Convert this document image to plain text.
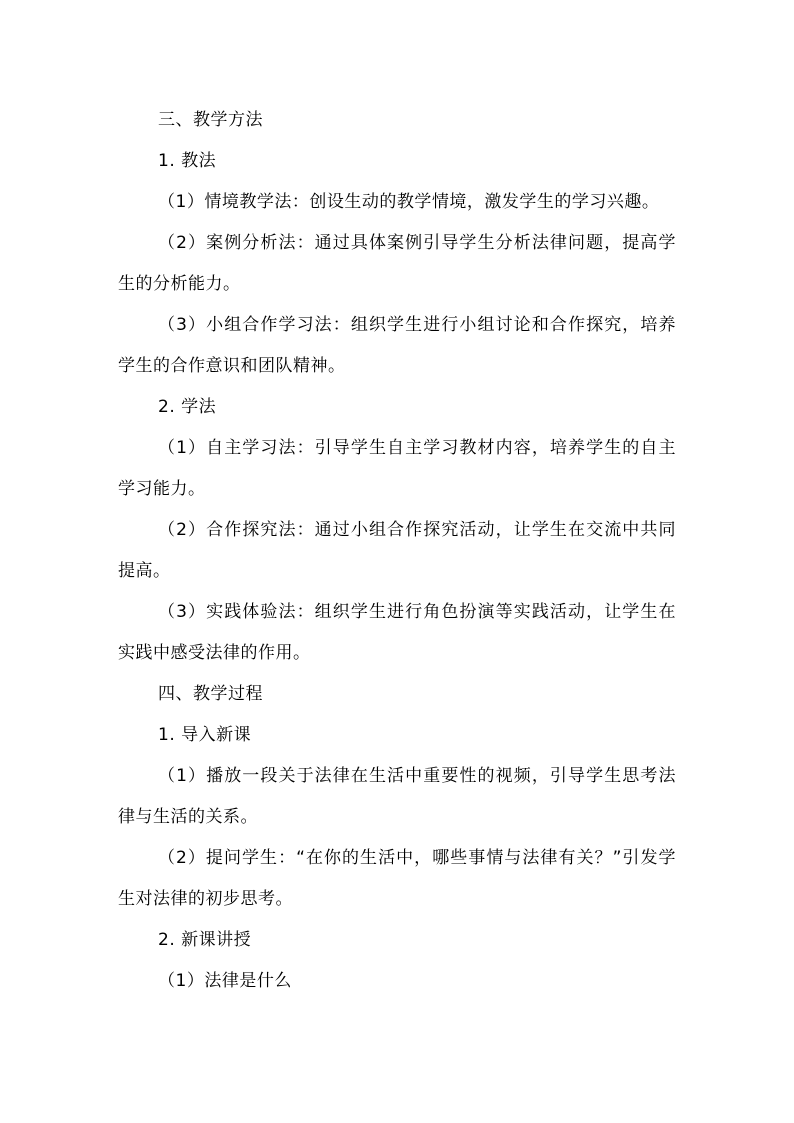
三、教学方法

1. 教法

（1）情境教学法：创设生动的教学情境，激发学生的学习兴趣。

（2）案例分析法：通过具体案例引导学生分析法律问题，提高学生的分析能力。

（3）小组合作学习法：组织学生进行小组讨论和合作探究，培养学生的合作意识和团队精神。

2. 学法

（1）自主学习法：引导学生自主学习教材内容，培养学生的自主学习能力。

（2）合作探究法：通过小组合作探究活动，让学生在交流中共同提高。

（3）实践体验法：组织学生进行角色扮演等实践活动，让学生在实践中感受法律的作用。

四、教学过程

1. 导入新课

（1）播放一段关于法律在生活中重要性的视频，引导学生思考法律与生活的关系。

（2）提问学生：“在你的生活中，哪些事情与法律有关？”引发学生对法律的初步思考。

2. 新课讲授

（1）法律是什么
